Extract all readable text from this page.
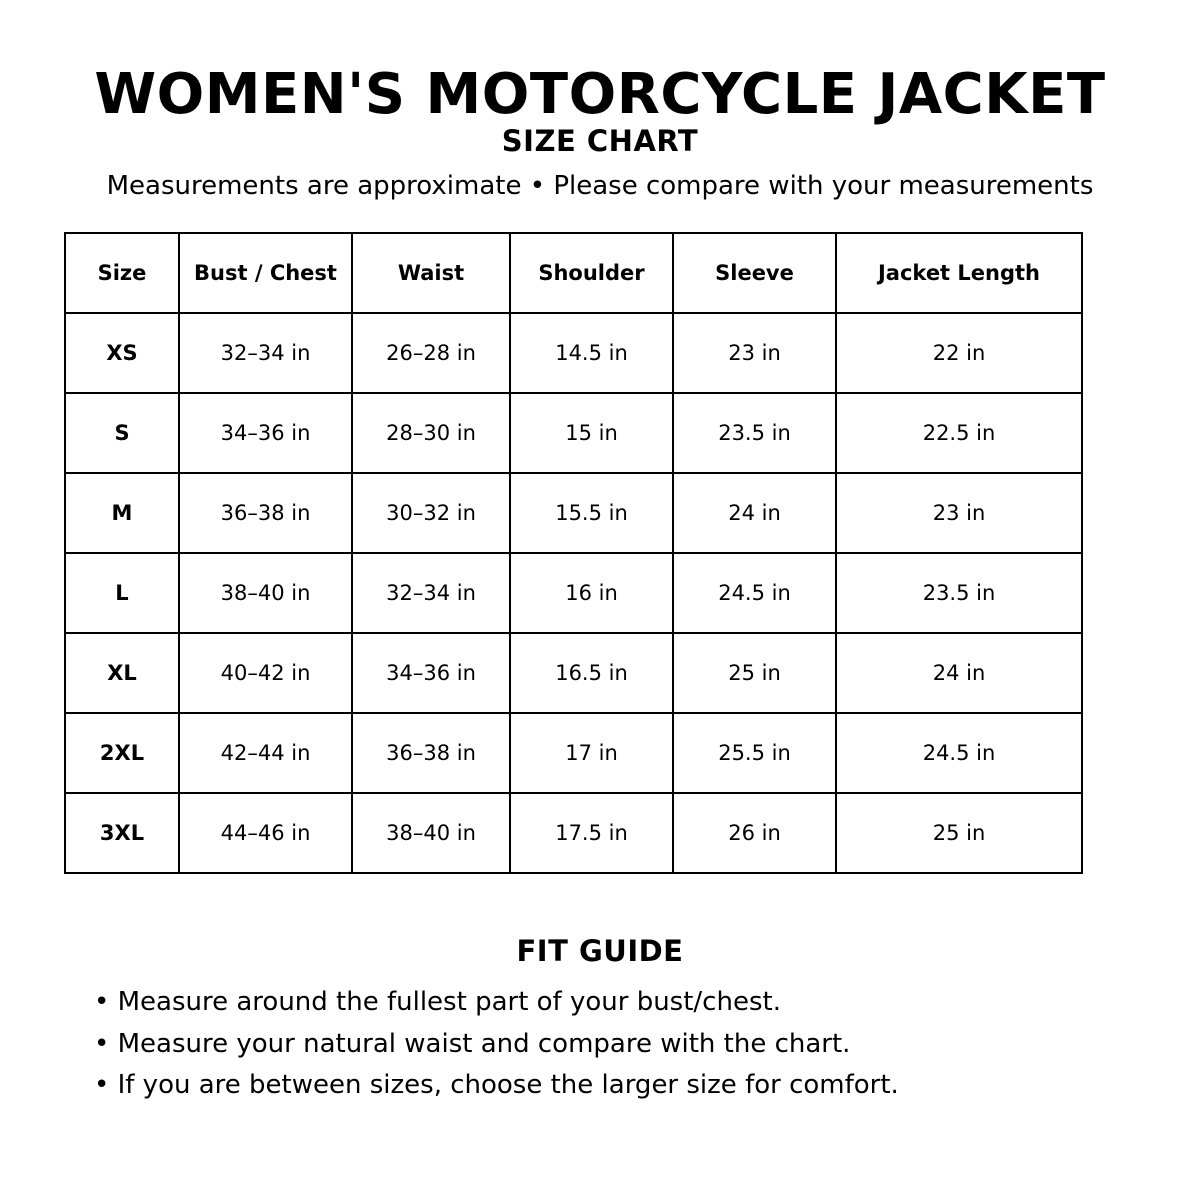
WOMEN'S MOTORCYCLE JACKET
SIZE CHART
Measurements are approximate • Please compare with your measurements
Size	Bust / Chest	Waist	Shoulder	Sleeve	Jacket Length
XS	32–34 in	26–28 in	14.5 in	23 in	22 in
S	34–36 in	28–30 in	15 in	23.5 in	22.5 in
M	36–38 in	30–32 in	15.5 in	24 in	23 in
L	38–40 in	32–34 in	16 in	24.5 in	23.5 in
XL	40–42 in	34–36 in	16.5 in	25 in	24 in
2XL	42–44 in	36–38 in	17 in	25.5 in	24.5 in
3XL	44–46 in	38–40 in	17.5 in	26 in	25 in
FIT GUIDE
• Measure around the fullest part of your bust/chest.
• Measure your natural waist and compare with the chart.
• If you are between sizes, choose the larger size for comfort.
